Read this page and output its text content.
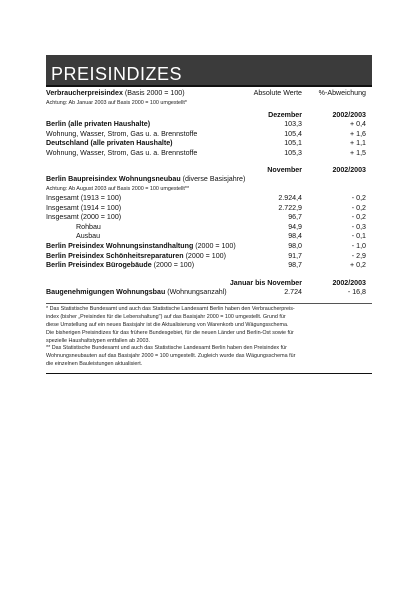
preisindizes
Verbraucherpreisindex (Basis 2000 = 100)	Absolute Werte %-Abweichung
Achtung: Ab Januar 2003 auf Basis 2000 = 100 umgestellt*
Dezember	2002/2003
Berlin (alle privaten Haushalte)	103,3	+ 0,4
Wohnung, Wasser, Strom, Gas u. a. Brennstoffe	105,4	+ 1,6
Deutschland (alle privaten Haushalte)	105,1	+ 1,1
Wohnung, Wasser, Strom, Gas u. a. Brennstoffe	105,3	+ 1,5
November	2002/2003
Berlin Baupreisindex Wohnungsneubau (diverse Basisjahre)
Achtung: Ab August 2003 auf Basis 2000 = 100 umgestellt**
Insgesamt (1913 = 100)	2.924,4	- 0,2
Insgesamt (1914 = 100)	2.722,9	- 0,2
Insgesamt (2000 = 100)	96,7	- 0,2
Rohbau	94,9	- 0,3
Ausbau	98,4	- 0,1
Berlin Preisindex Wohnungsinstandhaltung (2000 = 100)	98,0	- 1,0
Berlin Preisindex Schönheitsreparaturen (2000 = 100)	91,7	- 2,9
Berlin Preisindex Bürogebäude (2000 = 100)	98,7	+ 0,2
Januar bis November	2002/2003
Baugenehmigungen Wohnungsbau (Wohnungsanzahl)	2.724	- 16,8
* Das Statistische Bundesamt und auch das Statistische Landesamt Berlin haben den Verbraucherpreis-
index (bisher „Preisindex für die Lebenshaltung") auf das Basisjahr 2000 = 100 umgestellt. Grund für
diese Umstellung auf ein neues Basisjahr ist die Aktualisierung von Warenkorb und Wägungsschema.
Die bisherigen Preisindizes für das frühere Bundesgebiet, für die neuen Länder und Berlin-Ost sowie für
spezielle Haushaltstypen entfallen ab 2003.
** Das Statistische Bundesamt und auch das Statistische Landesamt Berlin haben den Preisindex für
Wohnungsneubauten auf das Basisjahr 2000 = 100 umgestellt. Zugleich wurde das Wägungsschema für
die einzelnen Bauleistungen aktualisiert.
